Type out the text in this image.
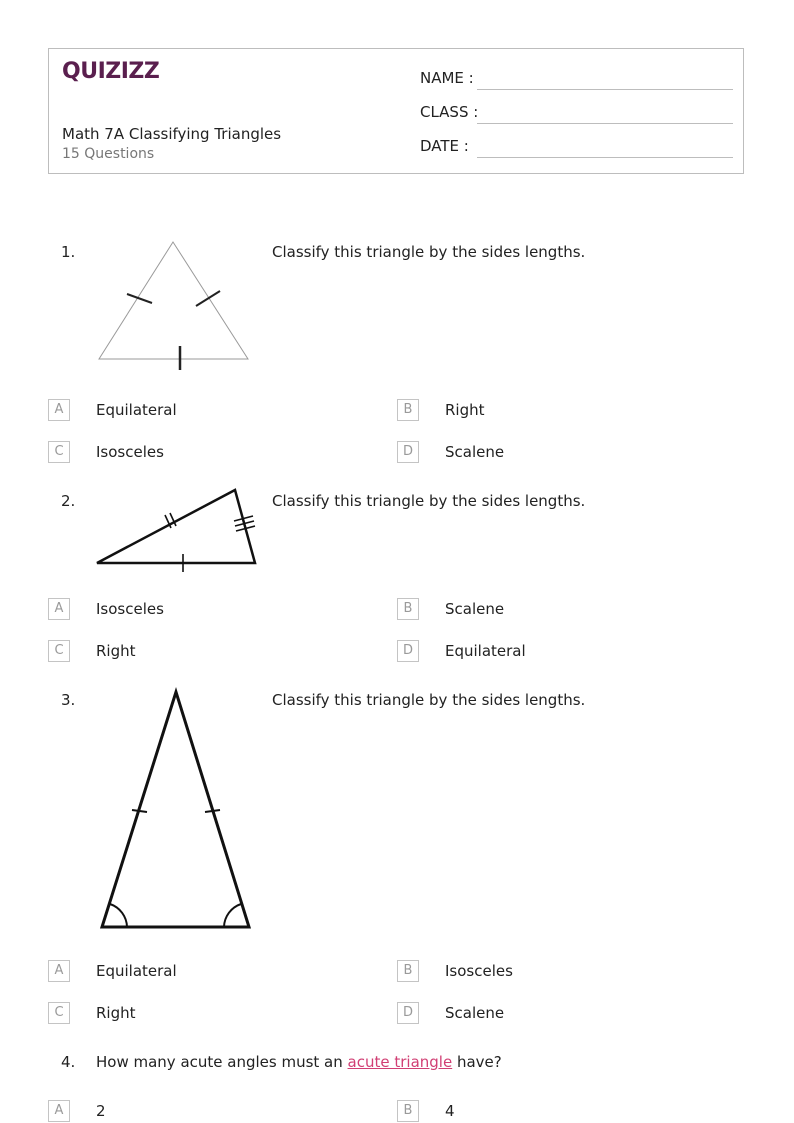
QUIZIZZ
Math 7A Classifying Triangles
15 Questions
NAME :
CLASS :
DATE :
1.	Classify this triangle by the sides lengths.
A	Equilateral	B	Right
C	Isosceles	D	Scalene
2.	Classify this triangle by the sides lengths.
A	Isosceles	B	Scalene
C	Right	D	Equilateral
3.	Classify this triangle by the sides lengths.
A	Equilateral	B	Isosceles
C	Right	D	Scalene
4. How many acute angles must an acute triangle have?
A	2	B	4
